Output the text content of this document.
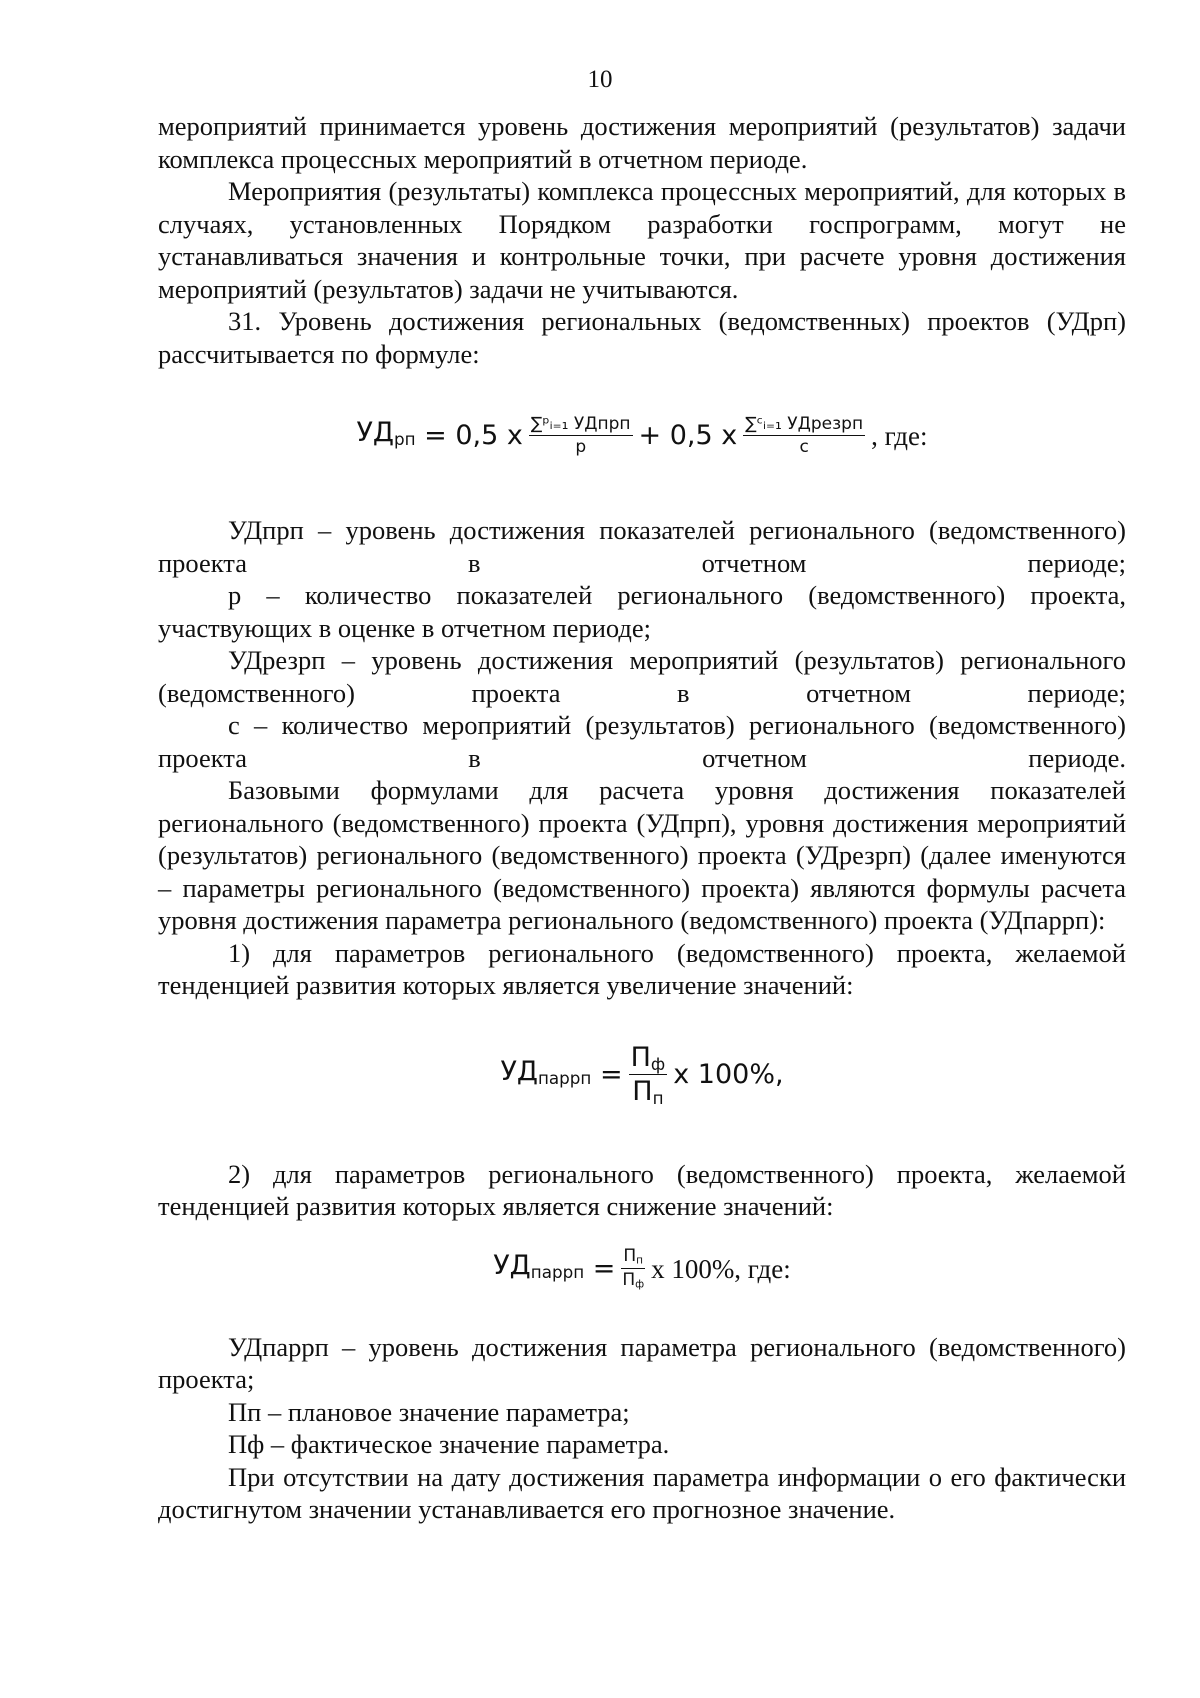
10

мероприятий принимается уровень достижения мероприятий (результатов) задачи комплекса процессных мероприятий в отчетном периоде.

Мероприятия (результаты) комплекса процессных мероприятий, для которых в случаях, установленных Порядком разработки госпрограмм, могут не устанавливаться значения и контрольные точки, при расчете уровня достижения мероприятий (результатов) задачи не учитываются.

31. Уровень достижения региональных (ведомственных) проектов (УДрп) рассчитывается по формуле:

$УД_{рп}$
= 0,5 x $\frac{\text{∑ᵖᵢ₌₁ УДпрп}}{p} + 0,5$ x $\frac{\text{∑ᶜᵢ₌₁ УДрезрп}}{c}$ , где:

УДпрп – уровень достижения показателей регионального (ведомственного) проекта в отчетном периоде;

p – количество показателей регионального (ведомственного) проекта, участвующих в оценке в отчетном периоде;

УДрезрп – уровень достижения мероприятий (результатов) регионального (ведомственного) проекта в отчетном периоде;

c – количество мероприятий (результатов) регионального (ведомственного) проекта в отчетном периоде.

Базовыми формулами для расчета уровня достижения показателей регионального (ведомственного) проекта (УДпрп), уровня достижения мероприятий (результатов) регионального (ведомственного) проекта (УДрезрп) (далее именуются – параметры регионального (ведомственного) проекта) являются формулы расчета уровня достижения параметра регионального (ведомственного) проекта (УДпаррп):

1) для параметров регионального (ведомственного) проекта, желаемой тенденцией развития которых является увеличение значений:

$УД_{паррп}$
= $\frac{П_ф}{П_п}$ x 100%,

2) для параметров регионального (ведомственного) проекта, желаемой тенденцией развития которых является снижение значений:

$УД_{паррп}$
= $\frac{П_п}{П_ф}$ x 100%, где:

УДпаррп – уровень достижения параметра регионального (ведомственного) проекта;

Пп – плановое значение параметра;

Пф – фактическое значение параметра.

При отсутствии на дату достижения параметра информации о его фактически достигнутом значении устанавливается его прогнозное значение.
